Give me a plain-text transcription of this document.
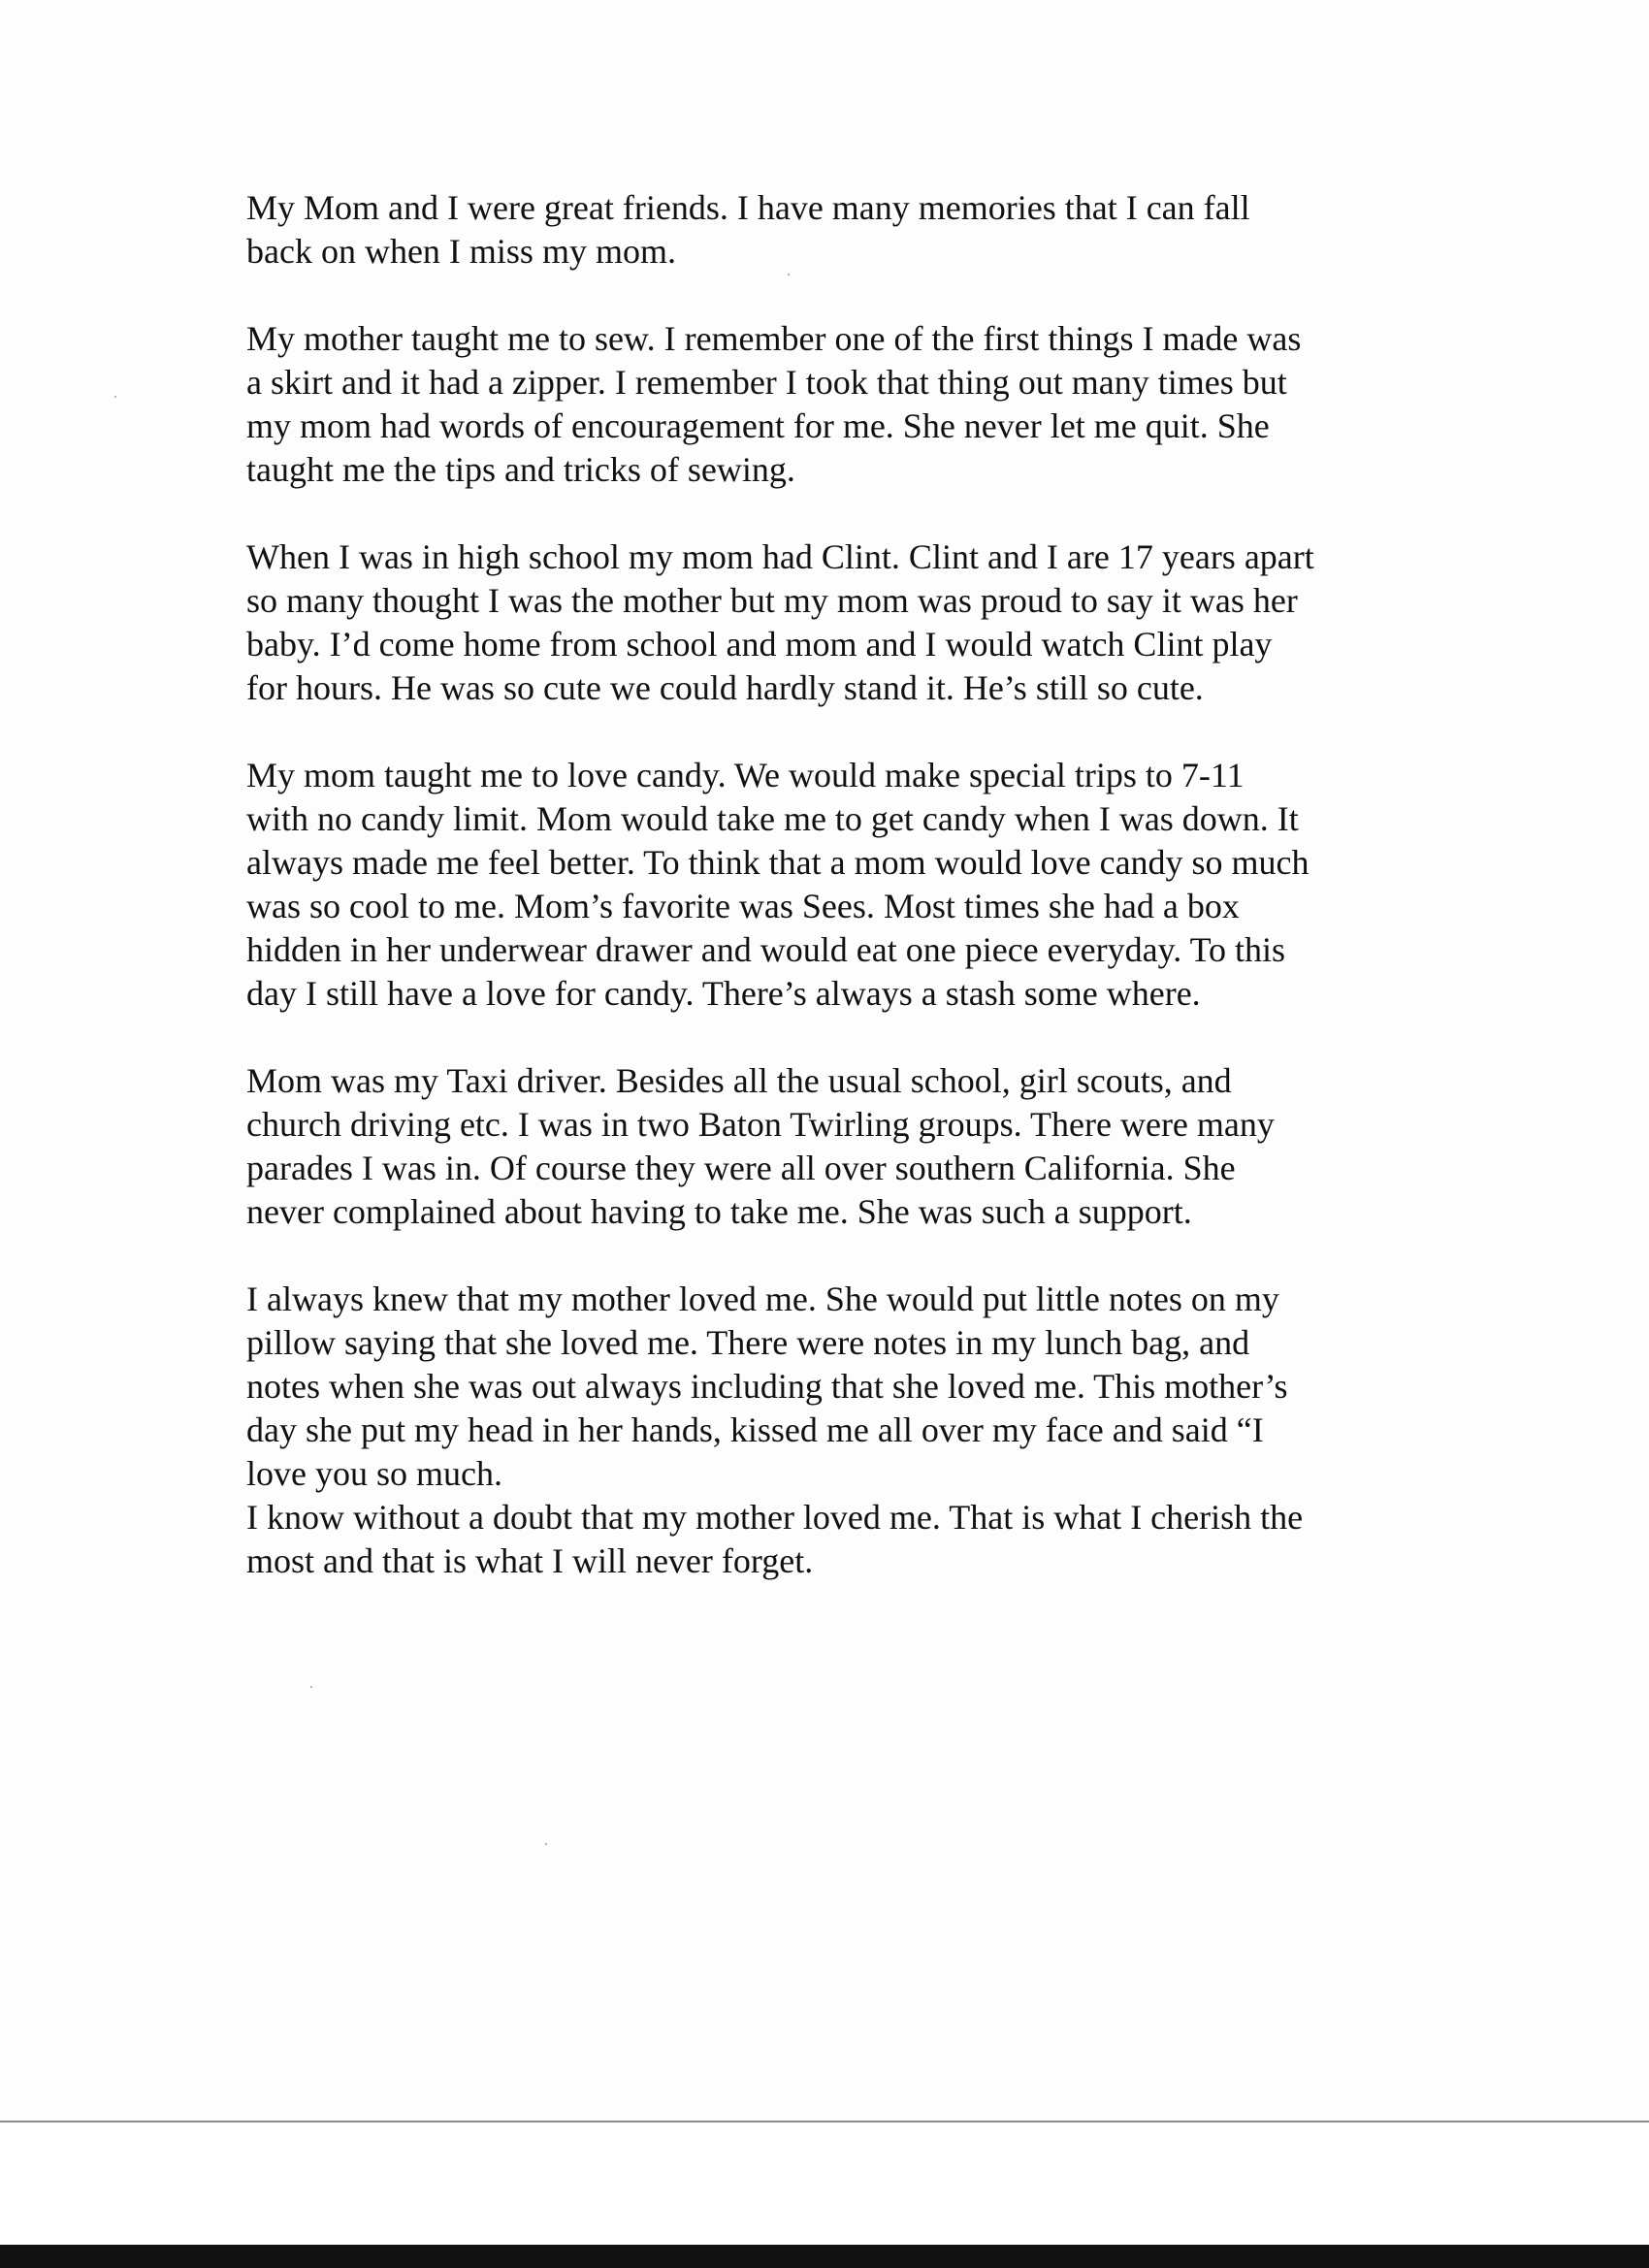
My Mom and I were great friends. I have many memories that I can fall
back on when I miss my mom.

My mother taught me to sew. I remember one of the first things I made was
a skirt and it had a zipper. I remember I took that thing out many times but
my mom had words of encouragement for me. She never let me quit. She
taught me the tips and tricks of sewing.

When I was in high school my mom had Clint. Clint and I are 17 years apart
so many thought I was the mother but my mom was proud to say it was her
baby. I’d come home from school and mom and I would watch Clint play
for hours. He was so cute we could hardly stand it. He’s still so cute.

My mom taught me to love candy. We would make special trips to 7-11
with no candy limit. Mom would take me to get candy when I was down. It
always made me feel better. To think that a mom would love candy so much
was so cool to me. Mom’s favorite was Sees. Most times she had a box
hidden in her underwear drawer and would eat one piece everyday. To this
day I still have a love for candy. There’s always a stash some where.

Mom was my Taxi driver. Besides all the usual school, girl scouts, and
church driving etc. I was in two Baton Twirling groups. There were many
parades I was in. Of course they were all over southern California. She
never complained about having to take me. She was such a support.

I always knew that my mother loved me. She would put little notes on my
pillow saying that she loved me. There were notes in my lunch bag, and
notes when she was out always including that she loved me. This mother’s
day she put my head in her hands, kissed me all over my face and said “I
love you so much.

I know without a doubt that my mother loved me. That is what I cherish the
most and that is what I will never forget.
